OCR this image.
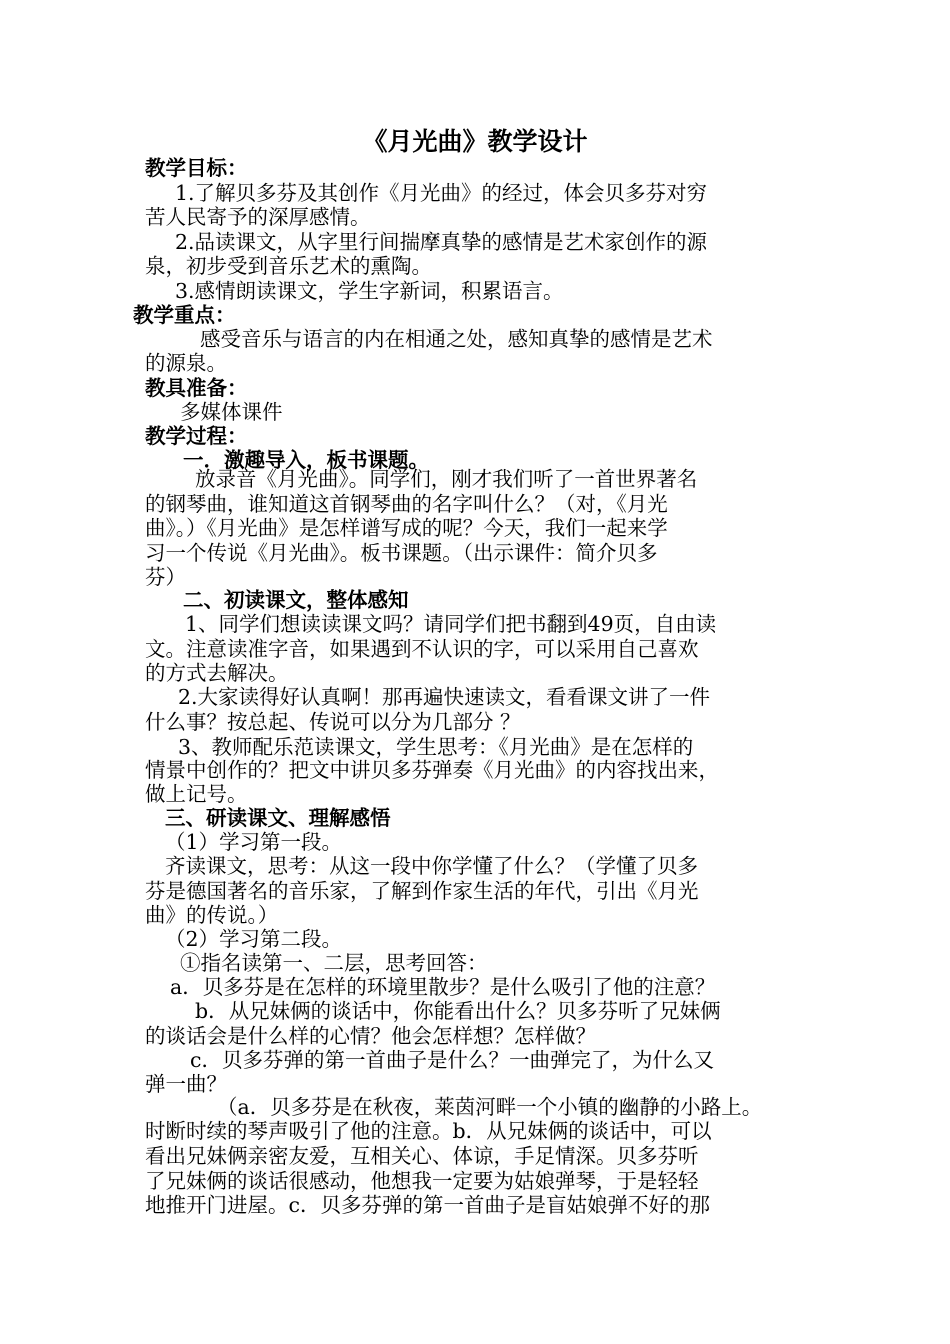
《月光曲》教学设计
教学目标：
1.了解贝多芬及其创作《月光曲》的经过，体会贝多芬对穷
苦人民寄予的深厚感情。
2.品读课文，从字里行间揣摩真挚的感情是艺术家创作的源
泉，初步受到音乐艺术的熏陶。
3.感情朗读课文，学生字新词，积累语言。
教学重点：
感受音乐与语言的内在相通之处，感知真挚的感情是艺术
的源泉。
教具准备：
多媒体课件
教学过程：
一．激趣导入，板书课题。
放录音《月光曲》。同学们，刚才我们听了一首世界著名
的钢琴曲，谁知道这首钢琴曲的名字叫什么？（对，《月光
曲》。）《月光曲》是怎样谱写成的呢？今天，我们一起来学
习一个传说《月光曲》。板书课题。（出示课件：简介贝多
芬）
二、初读课文，整体感知
1、同学们想读读课文吗？请同学们把书翻到49页，自由读
文。注意读准字音，如果遇到不认识的字，可以采用自己喜欢
的方式去解决。
2.大家读得好认真啊！那再遍快速读文，看看课文讲了一件
什么事？按总起、传说可以分为几部分 ？
3、教师配乐范读课文，学生思考：《月光曲》是在怎样的
情景中创作的？把文中讲贝多芬弹奏《月光曲》的内容找出来，
做上记号。
三、研读课文、理解感悟
（1）学习第一段。
齐读课文，思考：从这一段中你学懂了什么？（学懂了贝多
芬是德国著名的音乐家，了解到作家生活的年代，引出《月光
曲》的传说。）
（2）学习第二段。
①指名读第一、二层，思考回答：
a．贝多芬是在怎样的环境里散步？是什么吸引了他的注意？
b．从兄妹俩的谈话中，你能看出什么？贝多芬听了兄妹俩
的谈话会是什么样的心情？他会怎样想？怎样做？
c．贝多芬弹的第一首曲子是什么？一曲弹完了，为什么又
弹一曲？
（a．贝多芬是在秋夜，莱茵河畔一个小镇的幽静的小路上。
时断时续的琴声吸引了他的注意。b．从兄妹俩的谈话中，可以
看出兄妹俩亲密友爱，互相关心、体谅，手足情深。贝多芬听
了兄妹俩的谈话很感动，他想我一定要为姑娘弹琴，于是轻轻
地推开门进屋。c．贝多芬弹的第一首曲子是盲姑娘弹不好的那
